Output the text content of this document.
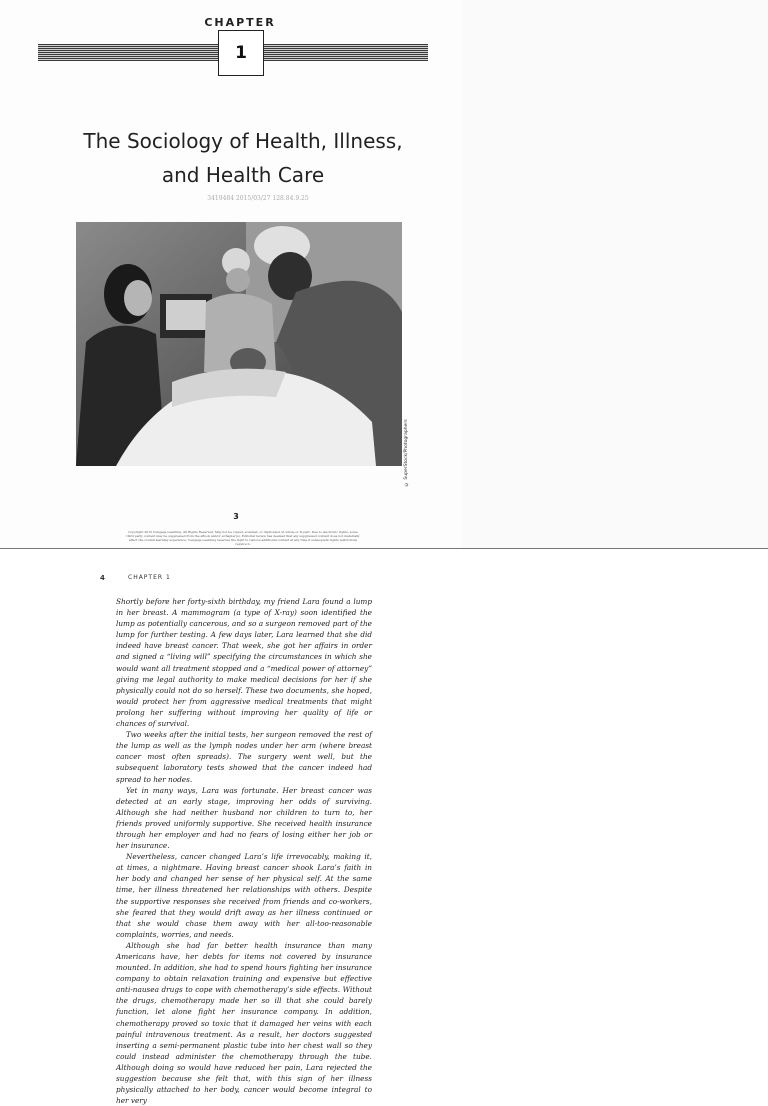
CHAPTER
1
The Sociology of Health, Illness,
and Health Care
3419484 2015/03/27 128.84.9.25
© SuperStock/Photographers
3
Copyright 2015 Cengage Learning. All Rights Reserved. May not be copied, scanned, or duplicated, in whole or in part. Due to electronic rights, some third party content may be suppressed from the eBook and/or eChapter(s). Editorial review has deemed that any suppressed content does not materially affect the overall learning experience. Cengage Learning reserves the right to remove additional content at any time if subsequent rights restrictions require it.
4	CHAPTER 1

Shortly before her forty-sixth birthday, my friend Lara found a lump in her breast. A mammogram (a type of X-ray) soon identified the lump as potentially cancerous, and so a surgeon removed part of the lump for further testing. A few days later, Lara learned that she did indeed have breast cancer. That week, she got her affairs in order and signed a “living will” specifying the circumstances in which she would want all treatment stopped and a “medical power of attorney” giving me legal authority to make medical decisions for her if she physically could not do so herself. These two documents, she hoped, would protect her from aggressive medical treatments that might prolong her suffering without improving her quality of life or chances of survival.

Two weeks after the initial tests, her surgeon removed the rest of the lump as well as the lymph nodes under her arm (where breast cancer most often spreads). The surgery went well, but the subsequent laboratory tests showed that the cancer indeed had spread to her nodes.

Yet in many ways, Lara was fortunate. Her breast cancer was detected at an early stage, improving her odds of surviving. Although she had neither husband nor children to turn to, her friends proved uniformly supportive. She received health insurance through her employer and had no fears of losing either her job or her insurance.

Nevertheless, cancer changed Lara’s life irrevocably, making it, at times, a nightmare. Having breast cancer shook Lara’s faith in her body and changed her sense of her physical self. At the same time, her illness threatened her relationships with others. Despite the supportive responses she received from friends and co-workers, she feared that they would drift away as her illness continued or that she would chase them away with her all-too-reasonable complaints, worries, and needs.

Although she had far better health insurance than many Americans have, her debts for items not covered by insurance mounted. In addition, she had to spend hours fighting her insurance company to obtain relaxation training and expensive but effective anti-nausea drugs to cope with chemotherapy’s side effects. Without the drugs, chemotherapy made her so ill that she could barely function, let alone fight her insurance company. In addition, chemotherapy proved so toxic that it damaged her veins with each painful intravenous treatment. As a result, her doctors suggested inserting a semi-permanent plastic tube into her chest wall so they could instead administer the chemotherapy through the tube. Although doing so would have reduced her pain, Lara rejected the suggestion because she felt that, with this sign of her illness physically attached to her body, cancer would become integral to her very
